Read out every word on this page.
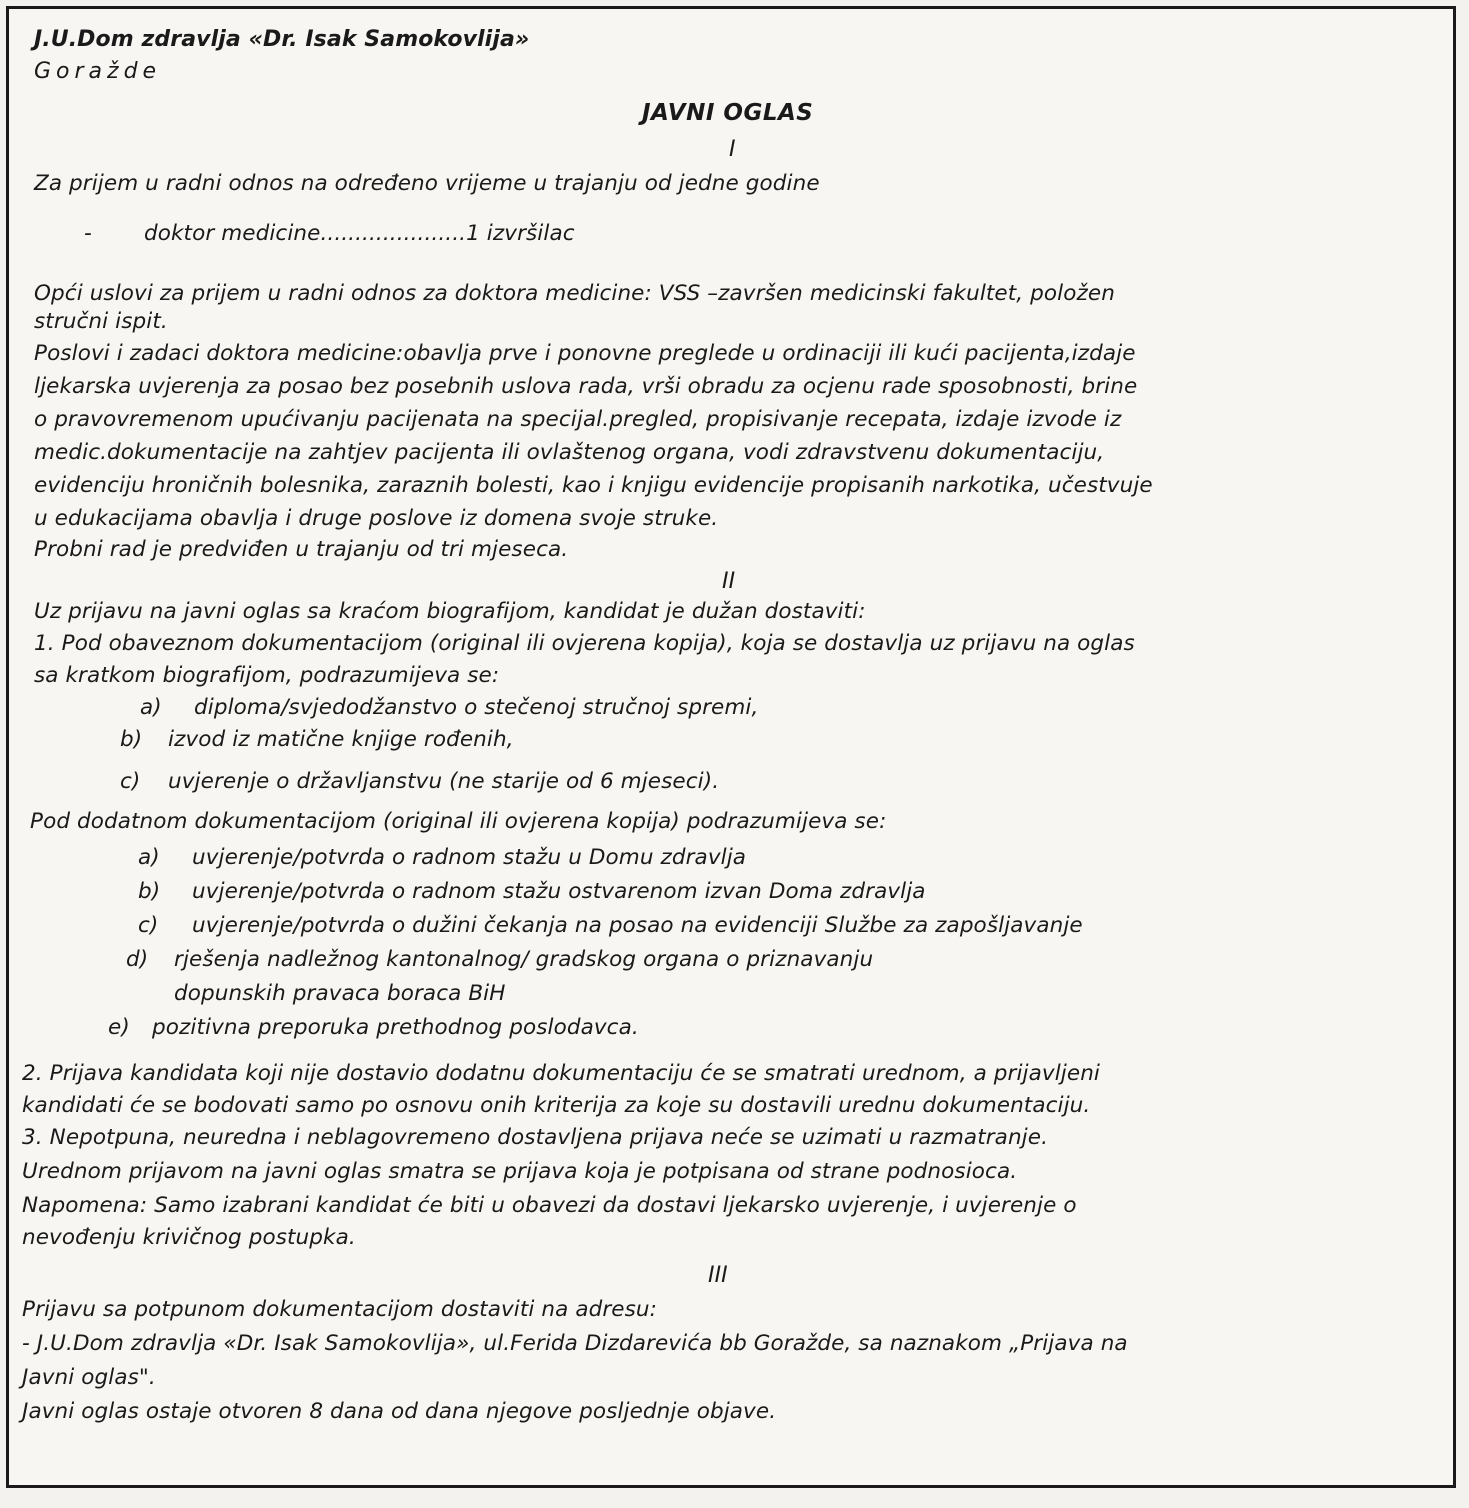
J.U.Dom zdravlja «Dr. Isak Samokovlija»
Goražde
JAVNI OGLAS
I
Za prijem u radni odnos na određeno vrijeme u trajanju od jedne godine
- doktor medicine.....................1 izvršilac
Opći uslovi za prijem u radni odnos za doktora medicine: VSS –završen medicinski fakultet, položen
stručni ispit.
Poslovi i zadaci doktora medicine:obavlja prve i ponovne preglede u ordinaciji ili kući pacijenta,izdaje
ljekarska uvjerenja za posao bez posebnih uslova rada, vrši obradu za ocjenu rade sposobnosti, brine
o pravovremenom upućivanju pacijenata na specijal.pregled, propisivanje recepata, izdaje izvode iz
medic.dokumentacije na zahtjev pacijenta ili ovlaštenog organa, vodi zdravstvenu dokumentaciju,
evidenciju hroničnih bolesnika, zaraznih bolesti, kao i knjigu evidencije propisanih narkotika, učestvuje
u edukacijama obavlja i druge poslove iz domena svoje struke.
Probni rad je predviđen u trajanju od tri mjeseca.
II
Uz prijavu na javni oglas sa kraćom biografijom, kandidat je dužan dostaviti:
1. Pod obaveznom dokumentacijom (original ili ovjerena kopija), koja se dostavlja uz prijavu na oglas
sa kratkom biografijom, podrazumijeva se:
a) diploma/svjedodžanstvo o stečenoj stručnoj spremi,
b) izvod iz matične knjige rođenih,
c) uvjerenje o državljanstvu (ne starije od 6 mjeseci).
Pod dodatnom dokumentacijom (original ili ovjerena kopija) podrazumijeva se:
a) uvjerenje/potvrda o radnom stažu u Domu zdravlja
b) uvjerenje/potvrda o radnom stažu ostvarenom izvan Doma zdravlja
c) uvjerenje/potvrda o dužini čekanja na posao na evidenciji Službe za zapošljavanje
d) rješenja nadležnog kantonalnog/ gradskog organa o priznavanju
dopunskih pravaca boraca BiH
e) pozitivna preporuka prethodnog poslodavca.
2. Prijava kandidata koji nije dostavio dodatnu dokumentaciju će se smatrati urednom, a prijavljeni
kandidati će se bodovati samo po osnovu onih kriterija za koje su dostavili urednu dokumentaciju.
3. Nepotpuna, neuredna i neblagovremeno dostavljena prijava neće se uzimati u razmatranje.
Urednom prijavom na javni oglas smatra se prijava koja je potpisana od strane podnosioca.
Napomena: Samo izabrani kandidat će biti u obavezi da dostavi ljekarsko uvjerenje, i uvjerenje o
nevođenju krivičnog postupka.
III
Prijavu sa potpunom dokumentacijom dostaviti na adresu:
- J.U.Dom zdravlja «Dr. Isak Samokovlija», ul.Ferida Dizdarevića bb Goražde, sa naznakom „Prijava na
Javni oglas".
Javni oglas ostaje otvoren 8 dana od dana njegove posljednje objave.
